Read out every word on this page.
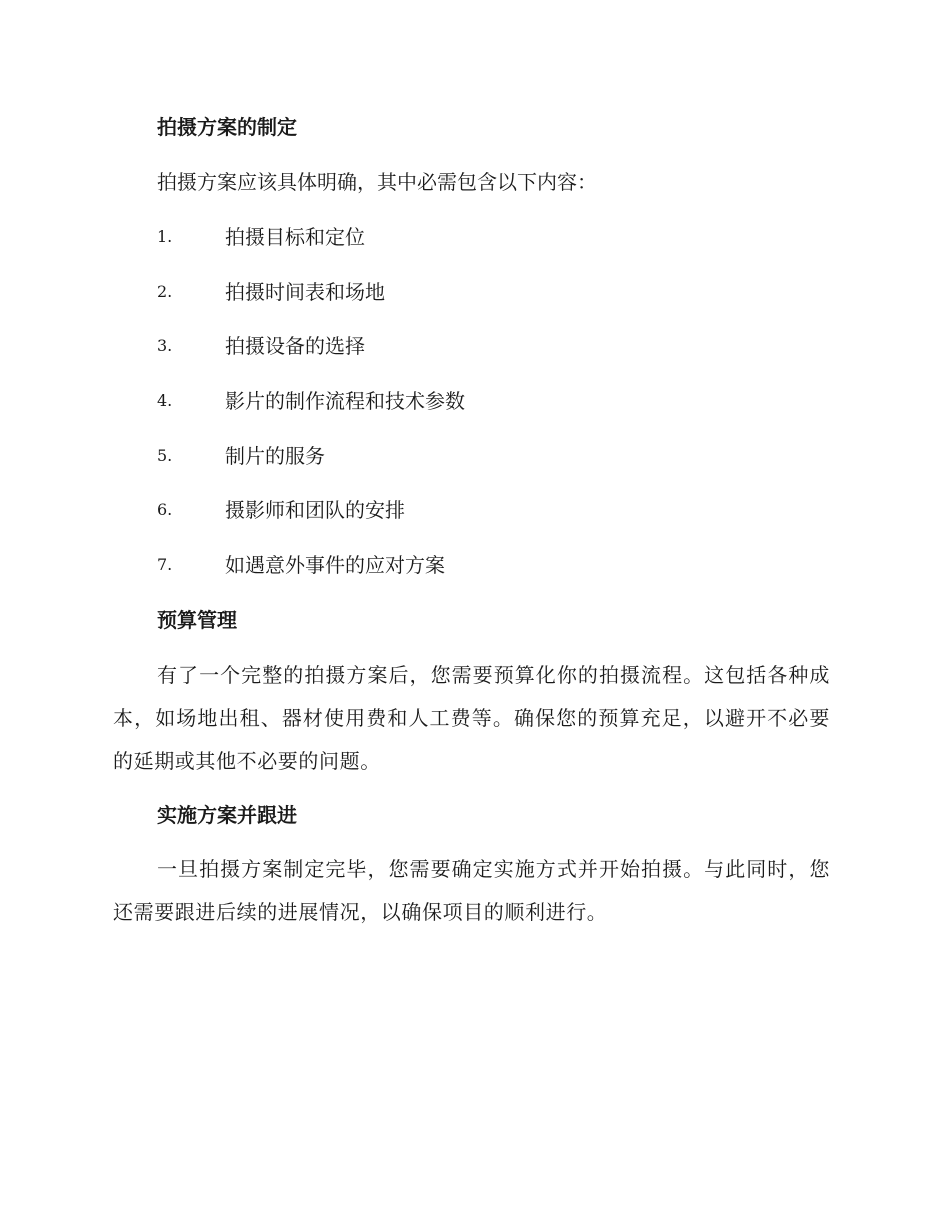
拍摄方案的制定
拍摄方案应该具体明确，其中必需包含以下内容：
1.	拍摄目标和定位
2.	拍摄时间表和场地
3.	拍摄设备的选择
4.	影片的制作流程和技术参数
5.	制片的服务
6.	摄影师和团队的安排
7.	如遇意外事件的应对方案
预算管理

有了一个完整的拍摄方案后，您需要预算化你的拍摄流程。这包括各种成本，如场地出租、器材使用费和人工费等。确保您的预算充足，以避开不必要的延期或其他不必要的问题。

实施方案并跟进

一旦拍摄方案制定完毕，您需要确定实施方式并开始拍摄。与此同时，您还需要跟进后续的进展情况，以确保项目的顺利进行。
